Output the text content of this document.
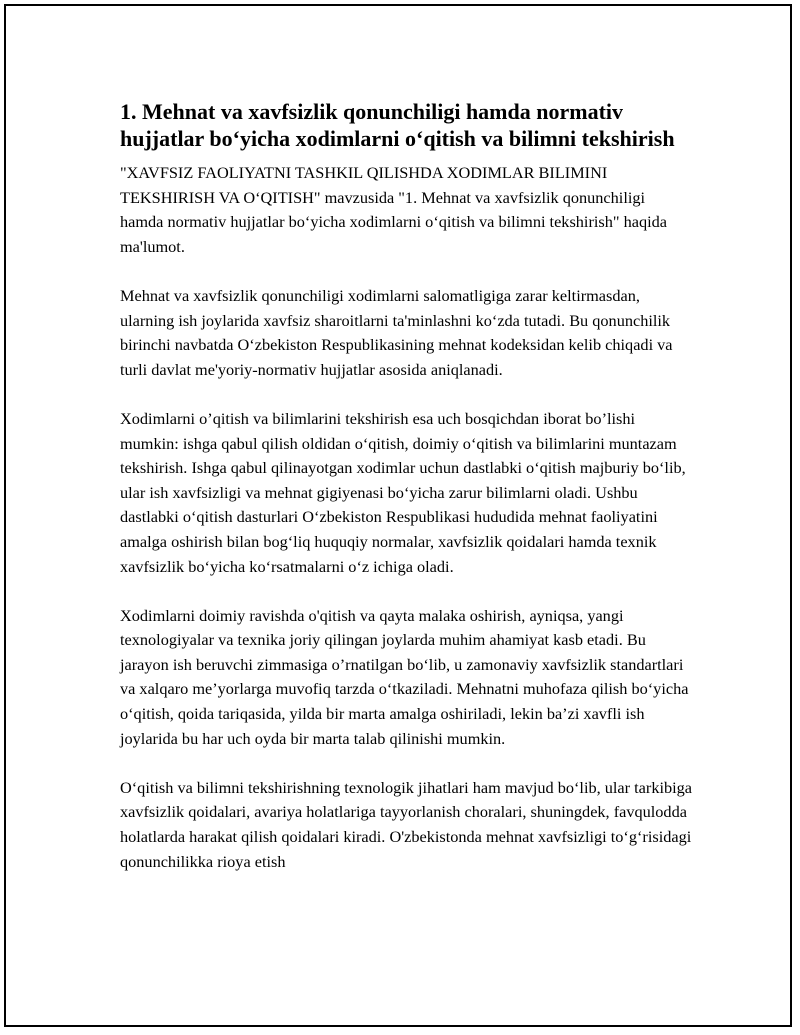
1. Mehnat va xavfsizlik qonunchiligi hamda normativ hujjatlar bo‘yicha xodimlarni o‘qitish va bilimni tekshirish

"XAVFSIZ FAOLIYATNI TASHKIL QILISHDA XODIMLAR BILIMINI TEKSHIRISH VA O‘QITISH" mavzusida "1. Mehnat va xavfsizlik qonunchiligi hamda normativ hujjatlar bo‘yicha xodimlarni o‘qitish va bilimni tekshirish" haqida ma'lumot.

Mehnat va xavfsizlik qonunchiligi xodimlarni salomatligiga zarar keltirmasdan, ularning ish joylarida xavfsiz sharoitlarni ta'minlashni ko‘zda tutadi. Bu qonunchilik birinchi navbatda O‘zbekiston Respublikasining mehnat kodeksidan kelib chiqadi va turli davlat me'yoriy-normativ hujjatlar asosida aniqlanadi.

Xodimlarni o’qitish va bilimlarini tekshirish esa uch bosqichdan iborat bo’lishi mumkin: ishga qabul qilish oldidan o‘qitish, doimiy o‘qitish va bilimlarini muntazam tekshirish. Ishga qabul qilinayotgan xodimlar uchun dastlabki o‘qitish majburiy bo‘lib, ular ish xavfsizligi va mehnat gigiyenasi bo‘yicha zarur bilimlarni oladi. Ushbu dastlabki o‘qitish dasturlari O‘zbekiston Respublikasi hududida mehnat faoliyatini amalga oshirish bilan bog‘liq huquqiy normalar, xavfsizlik qoidalari hamda texnik xavfsizlik bo‘yicha ko‘rsatmalarni o‘z ichiga oladi.

Xodimlarni doimiy ravishda o'qitish va qayta malaka oshirish, ayniqsa, yangi texnologiyalar va texnika joriy qilingan joylarda muhim ahamiyat kasb etadi. Bu jarayon ish beruvchi zimmasiga o’rnatilgan bo‘lib, u zamonaviy xavfsizlik standartlari va xalqaro me’yorlarga muvofiq tarzda o‘tkaziladi. Mehnatni muhofaza qilish bo‘yicha o‘qitish, qoida tariqasida, yilda bir marta amalga oshiriladi, lekin ba’zi xavfli ish joylarida bu har uch oyda bir marta talab qilinishi mumkin.

O‘qitish va bilimni tekshirishning texnologik jihatlari ham mavjud bo‘lib, ular tarkibiga xavfsizlik qoidalari, avariya holatlariga tayyorlanish choralari, shuningdek, favqulodda holatlarda harakat qilish qoidalari kiradi. O'zbekistonda mehnat xavfsizligi to‘g‘risidagi qonunchilikka rioya etish
